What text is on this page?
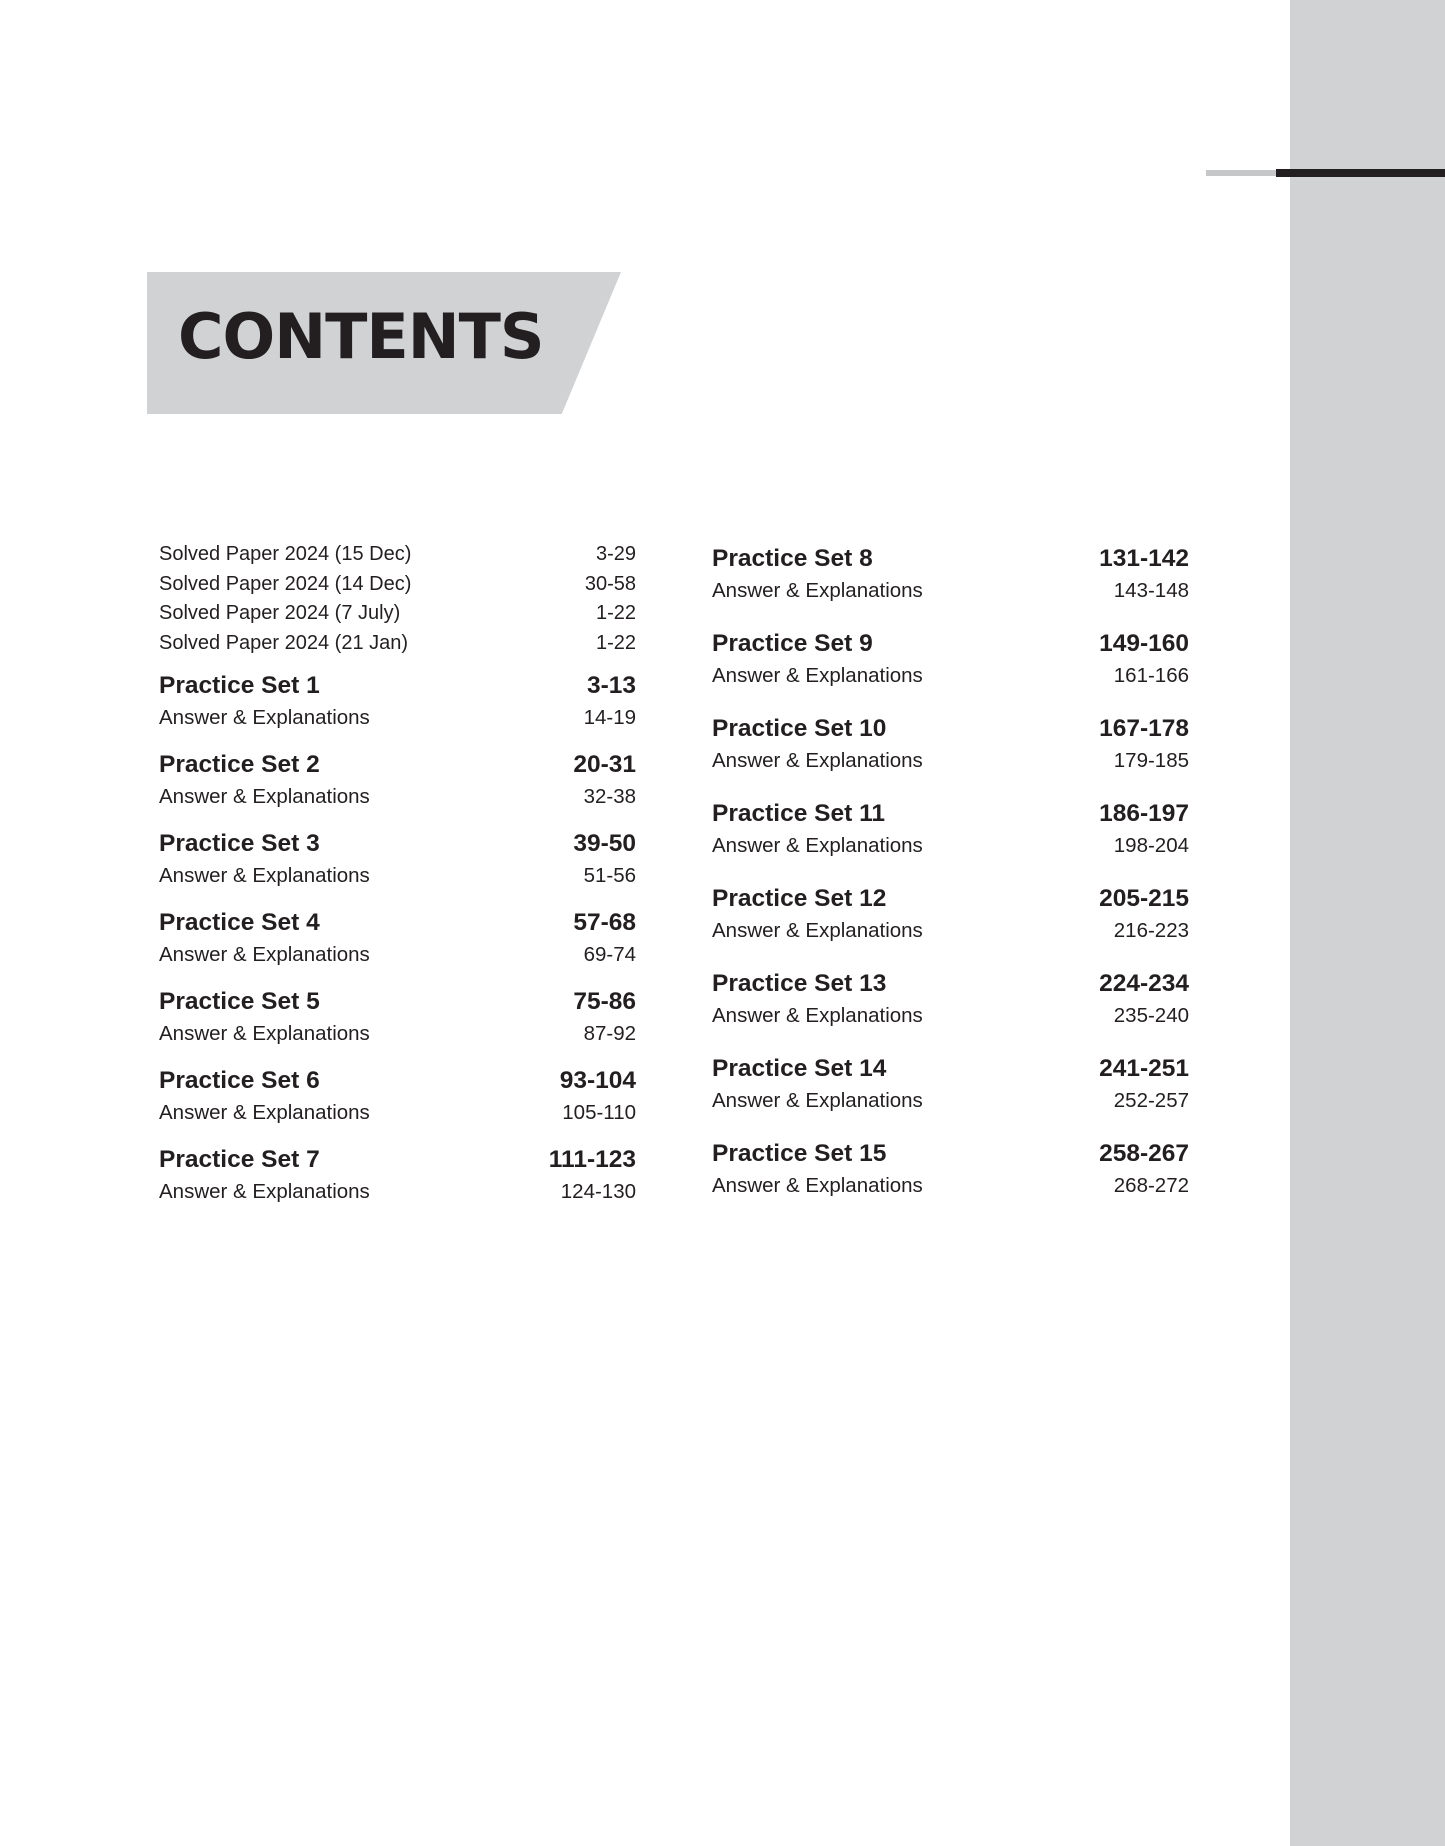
CONTENTS
Solved Paper 2024 (15 Dec)	3-29
Solved Paper 2024 (14 Dec)	30-58
Solved Paper 2024 (7 July)	1-22
Solved Paper 2024 (21 Jan)	1-22
Practice Set 1	3-13
Answer & Explanations	14-19
Practice Set 2	20-31
Answer & Explanations	32-38
Practice Set 3	39-50
Answer & Explanations	51-56
Practice Set 4	57-68
Answer & Explanations	69-74
Practice Set 5	75-86
Answer & Explanations	87-92
Practice Set 6	93-104
Answer & Explanations	105-110
Practice Set 7	111-123
Answer & Explanations	124-130
Practice Set 8	131-142
Answer & Explanations	143-148
Practice Set 9	149-160
Answer & Explanations	161-166
Practice Set 10	167-178
Answer & Explanations	179-185
Practice Set 11	186-197
Answer & Explanations	198-204
Practice Set 12	205-215
Answer & Explanations	216-223
Practice Set 13	224-234
Answer & Explanations	235-240
Practice Set 14	241-251
Answer & Explanations	252-257
Practice Set 15	258-267
Answer & Explanations	268-272
